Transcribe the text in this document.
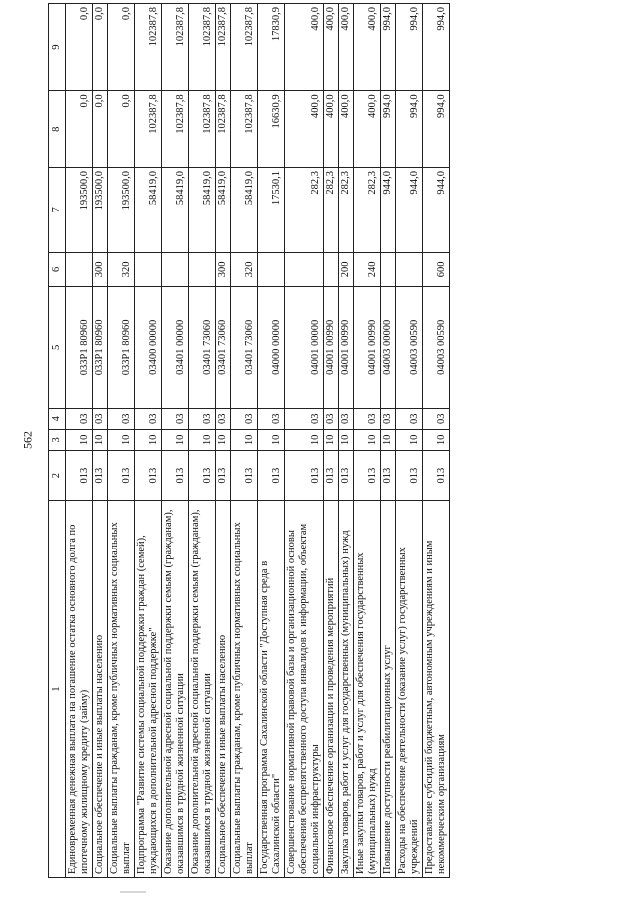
562
1	2	3	4	5	6	7	8	9
Единовременная денежная выплата на погашение остатка основного долга по ипотечному жилищному кредиту (займу)	013	10	03	033Р1 80960		193500,0	0,0	0,0
Социальное обеспечение и иные выплаты населению	013	10	03	033Р1 80960	300	193500,0	0,0	0,0
Социальные выплаты гражданам, кроме публичных нормативных социальных выплат	013	10	03	033Р1 80960	320	193500,0	0,0	0,0
Подпрограмма "Развитие системы социальной поддержки граждан (семей), нуждающихся в дополнительной адресной поддержке"	013	10	03	03400 00000		58419,0	102387,8	102387,8
Оказание дополнительной адресной социальной поддержки семьям (гражданам), оказавшимся в трудной жизненной ситуации	013	10	03	03401 00000		58419,0	102387,8	102387,8
Оказание дополнительной адресной социальной поддержки семьям (гражданам), оказавшимся в трудной жизненной ситуации	013	10	03	03401 73060		58419,0	102387,8	102387,8
Социальное обеспечение и иные выплаты населению	013	10	03	03401 73060	300	58419,0	102387,8	102387,8
Социальные выплаты гражданам, кроме публичных нормативных социальных выплат	013	10	03	03401 73060	320	58419,0	102387,8	102387,8
Государственная программа Сахалинской области "Доступная среда в Сахалинской области"	013	10	03	04000 00000		17530,1	16630,9	17830,9
Совершенствование нормативной правовой базы и организационной основы обеспечения беспрепятственного доступа инвалидов к информации, объектам социальной инфраструктуры	013	10	03	04001 00000		282,3	400,0	400,0
Финансовое обеспечение организации и проведения мероприятий	013	10	03	04001 00990		282,3	400,0	400,0
Закупка товаров, работ и услуг для государственных (муниципальных) нужд	013	10	03	04001 00990	200	282,3	400,0	400,0
Иные закупки товаров, работ и услуг для обеспечения государственных (муниципальных) нужд	013	10	03	04001 00990	240	282,3	400,0	400,0
Повышение доступности реабилитационных услуг	013	10	03	04003 00000		944,0	994,0	994,0
Расходы на обеспечение деятельности (оказание услуг) государственных учреждений	013	10	03	04003 00590		944,0	994,0	994,0
Предоставление субсидий бюджетным, автономным учреждениям и иным некоммерческим организациям	013	10	03	04003 00590	600	944,0	994,0	994,0
